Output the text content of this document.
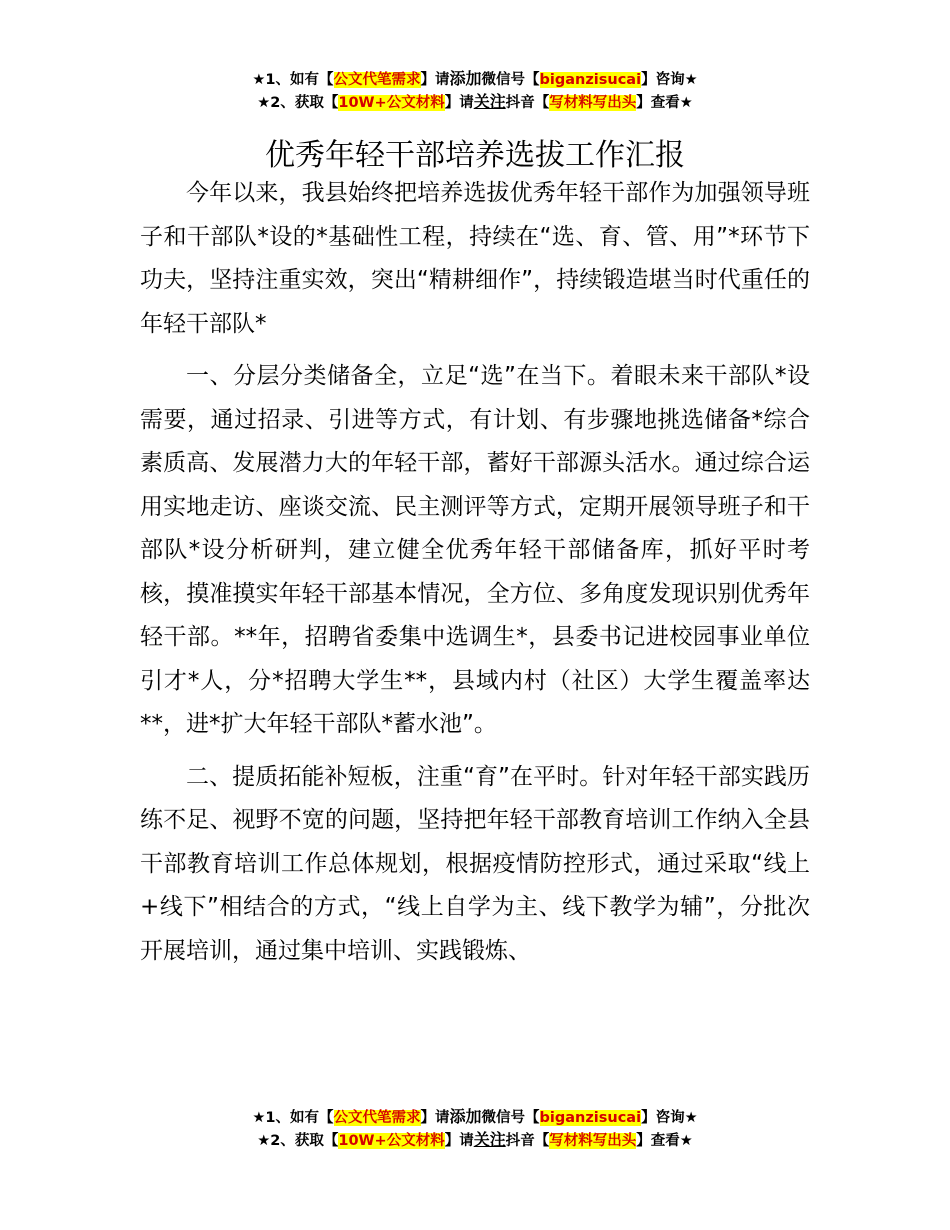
★1、如有【公文代笔需求】请添加微信号【biganzisucai】咨询★
★2、获取【10W+公文材料】请关注抖音【写材料写出头】查看★
优秀年轻干部培养选拔工作汇报

今年以来，我县始终把培养选拔优秀年轻干部作为加强领导班子和干部队*设的*基础性工程，持续在“选、育、管、用”*环节下功夫，坚持注重实效，突出“精耕细作”，持续锻造堪当时代重任的年轻干部队*

一、分层分类储备全，立足“选”在当下。着眼未来干部队*设需要，通过招录、引进等方式，有计划、有步骤地挑选储备*综合素质高、发展潜力大的年轻干部，蓄好干部源头活水。通过综合运用实地走访、座谈交流、民主测评等方式，定期开展领导班子和干部队*设分析研判，建立健全优秀年轻干部储备库，抓好平时考核，摸准摸实年轻干部基本情况，全方位、多角度发现识别优秀年轻干部。**年，招聘省委集中选调生*，县委书记进校园事业单位引才*人，分*招聘大学生**，县域内村（社区）大学生覆盖率达**，进*扩大年轻干部队*蓄水池”。

二、提质拓能补短板，注重“育”在平时。针对年轻干部实践历练不足、视野不宽的问题，坚持把年轻干部教育培训工作纳入全县干部教育培训工作总体规划，根据疫情防控形式，通过采取“线上+线下”相结合的方式，“线上自学为主、线下教学为辅”，分批次开展培训，通过集中培训、实践锻炼、

★1、如有【公文代笔需求】请添加微信号【biganzisucai】咨询★
★2、获取【10W+公文材料】请关注抖音【写材料写出头】查看★
